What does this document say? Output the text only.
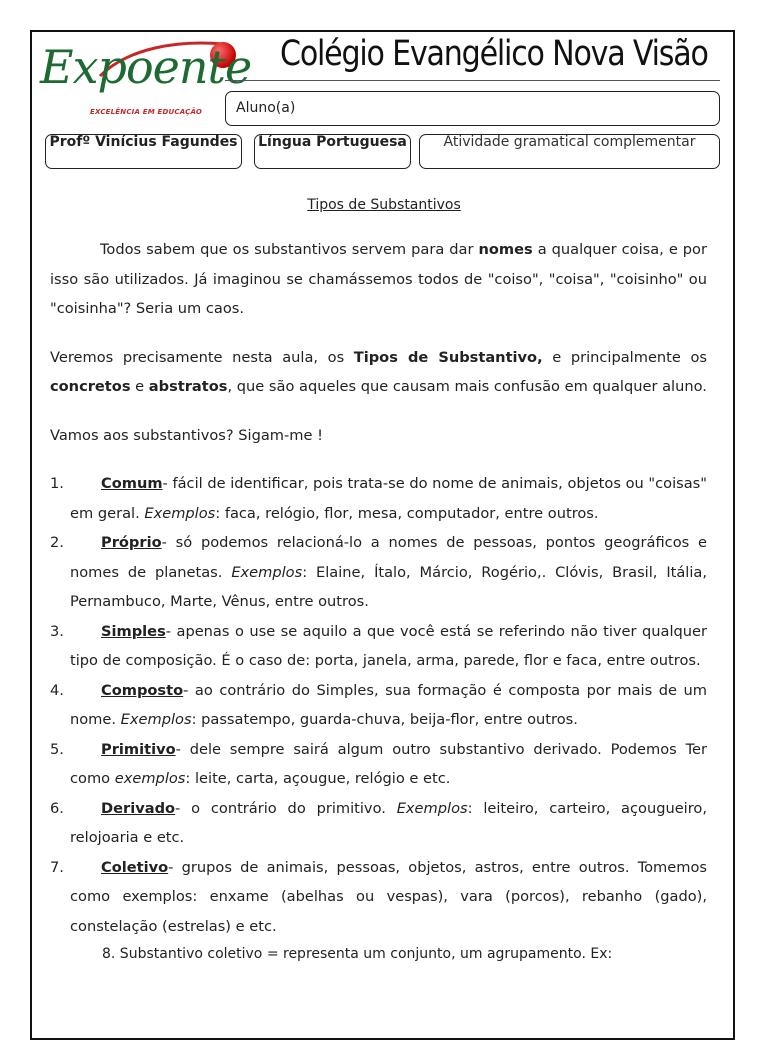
Expoente
EXCELÊNCIA EM EDUCAÇÃO
Colégio Evangélico Nova Visão
Aluno(a)
Profº Vinícius Fagundes Língua Portuguesa	Atividade gramatical complementar
Tipos de Substantivos

Todos sabem que os substantivos servem para dar nomes a qualquer coisa, e por isso são utilizados. Já imaginou se chamássemos todos de "coiso", "coisa", "coisinho" ou "coisinha"? Seria um caos.

Veremos precisamente nesta aula, os Tipos de Substantivo, e principalmente os concretos e abstratos, que são aqueles que causam mais confusão em qualquer aluno.

Vamos aos substantivos? Sigam-me !

1.	Comum- fácil de identificar, pois trata-se do nome de animais, objetos ou "coisas" em geral. Exemplos: faca, relógio, flor, mesa, computador, entre outros.
2.	Próprio- só podemos relacioná-lo a nomes de pessoas, pontos geográficos e nomes de planetas. Exemplos: Elaine, Ítalo, Márcio, Rogério,. Clóvis, Brasil, Itália, Pernambuco, Marte, Vênus, entre outros.
3.	Simples- apenas o use se aquilo a que você está se referindo não tiver qualquer tipo de composição. É o caso de: porta, janela, arma, parede, flor e faca, entre outros.
4.	Composto- ao contrário do Simples, sua formação é composta por mais de um nome. Exemplos: passatempo, guarda-chuva, beija-flor, entre outros.
5.	Primitivo- dele sempre sairá algum outro substantivo derivado. Podemos Ter como exemplos: leite, carta, açougue, relógio e etc.
6.	Derivado- o contrário do primitivo. Exemplos: leiteiro, carteiro, açougueiro, relojoaria e etc.
7.	Coletivo- grupos de animais, pessoas, objetos, astros, entre outros. Tomemos como exemplos: enxame (abelhas ou vespas), vara (porcos), rebanho (gado), constelação (estrelas) e etc.
8. Substantivo coletivo = representa um conjunto, um agrupamento. Ex:
